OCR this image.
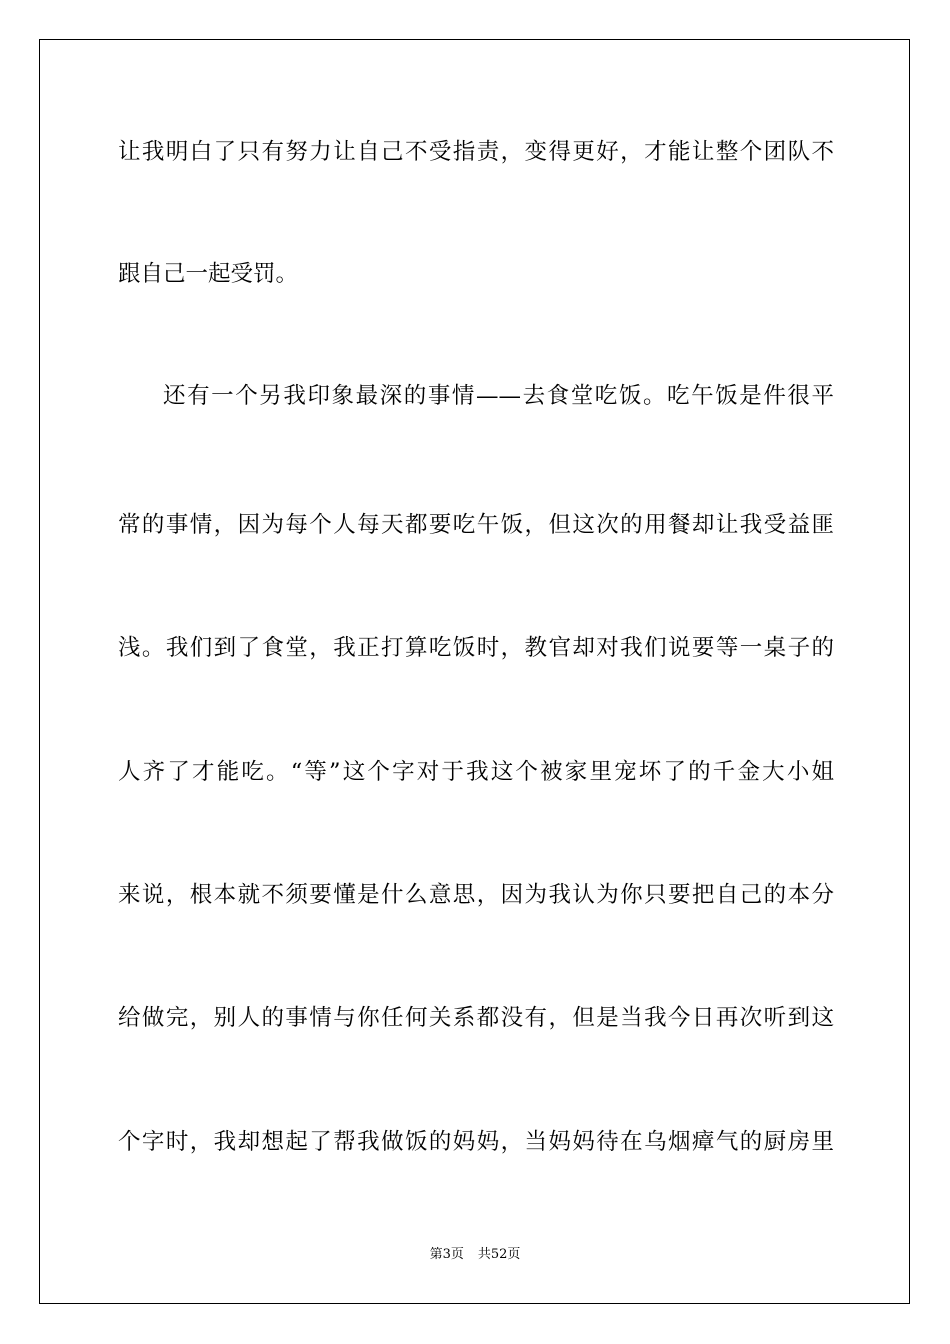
让我明白了只有努力让自己不受指责，变得更好，才能让整个团队不
跟自己一起受罚。
还有一个另我印象最深的事情——去食堂吃饭。吃午饭是件很平
常的事情，因为每个人每天都要吃午饭，但这次的用餐却让我受益匪
浅。我们到了食堂，我正打算吃饭时，教官却对我们说要等一桌子的
人齐了才能吃。“等”这个字对于我这个被家里宠坏了的千金大小姐
来说，根本就不须要懂是什么意思，因为我认为你只要把自己的本分
给做完，别人的事情与你任何关系都没有，但是当我今日再次听到这
个字时，我却想起了帮我做饭的妈妈，当妈妈待在乌烟瘴气的厨房里
第3页 共52页
